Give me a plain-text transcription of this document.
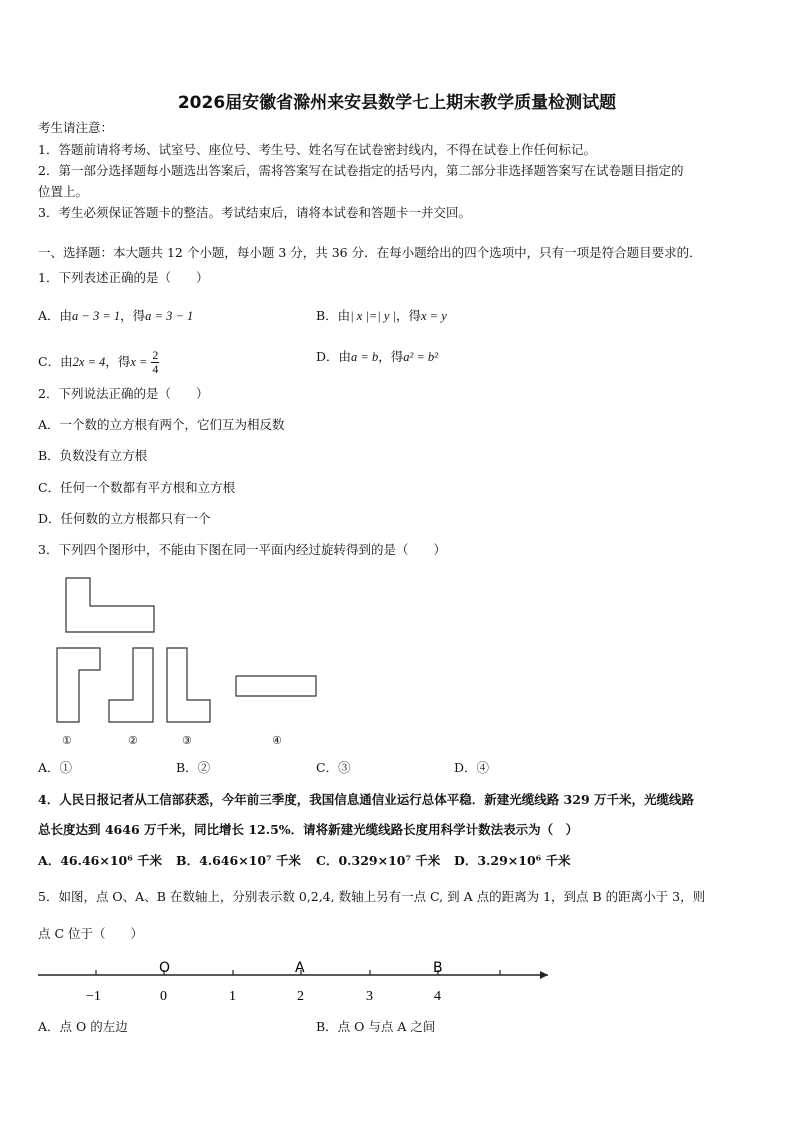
2026届安徽省滁州来安县数学七上期末教学质量检测试题
考生请注意：
1．答题前请将考场、试室号、座位号、考生号、姓名写在试卷密封线内，不得在试卷上作任何标记。
2．第一部分选择题每小题选出答案后，需将答案写在试卷指定的括号内，第二部分非选择题答案写在试卷题目指定的
位置上。
3．考生必须保证答题卡的整洁。考试结束后，请将本试卷和答题卡一并交回。
一、选择题：本大题共 12 个小题，每小题 3 分，共 36 分．在每小题给出的四个选项中，只有一项是符合题目要求的．
1．下列表述正确的是（　　）
A．由a − 3 = 1，得a = 3 − 1	B．由| x |=| y |，得x = y
C．由2x = 4，得$x = \frac{2}{4}$	D．由a = b，得a² = b²
2．下列说法正确的是（　　）
A．一个数的立方根有两个，它们互为相反数
B．负数没有立方根
C．任何一个数都有平方根和立方根
D．任何数的立方根都只有一个
3．下列四个图形中，不能由下图在同一平面内经过旋转得到的是（　　）
①	②	③	④
A．①	B．②	C．③	D．④
4．人民日报记者从工信部获悉，今年前三季度，我国信息通信业运行总体平稳．新建光缆线路 329 万千米，光缆线路
总长度达到 4646 万千米，同比增长 12.5%．请将新建光缆线路长度用科学计数法表示为（　）
A．46.46×10⁶ 千米 B．4.646×10⁷ 千米 C．0.329×10⁷ 千米 D．3.29×10⁶ 千米
5．如图，点 O、A、B 在数轴上，分别表示数 0,2,4, 数轴上另有一点 C, 到 A 点的距离为 1，到点 B 的距离小于 3，则
点 C 位于（　　）
O	A	B
−1	0	1	2	3	4
A．点 O 的左边	B．点 O 与点 A 之间
